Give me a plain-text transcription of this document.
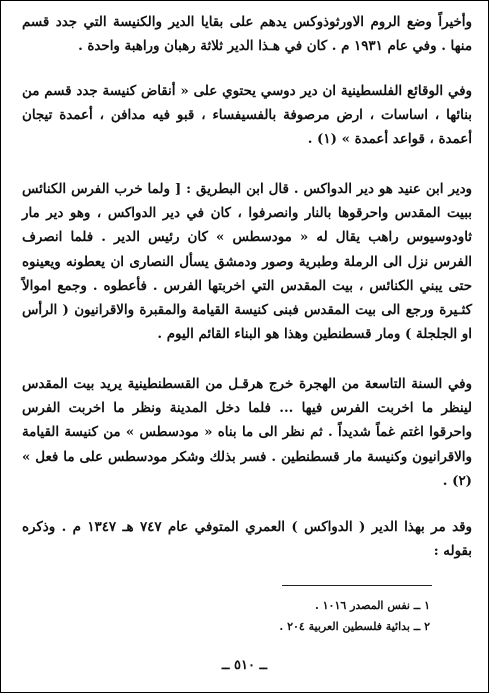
وأخيراً وضع الروم الاورثوذوكس يدهم على بقايا الدير والكنيسة التي جدد قسم منها . وفي عام ١٩٣١ م . كان في هـذا الدير ثلاثة رهبان وراهبة واحدة .

وفي الوقائع الفلسطينية ان دير دوسي يحتوي على « أنقاض كنيسة جدد قسم من بنائها ، اساسات ، ارض مرصوفة بالفسيفساء ، قبو فيه مدافن ، أعمدة تيجان أعمدة ، قواعد أعمدة » (١) .

ودير ابن عنيد هو دير الدواكس . قال ابن البطريق : [ ولما خرب الفرس الكنائس ببيت المقدس واحرقوها بالنار وانصرفوا ، كان في دير الدواكس ، وهو دير مار ثاودوسيوس راهب يقال له « مودسطس » كان رئيس الدير . فلما انصرف الفرس نزل الى الرملة وطبرية وصور ودمشق يسأل النصارى ان يعطونه ويعينوه حتى يبني الكنائس ، بيت المقدس التي اخربتها الفرس . فأعطوه . وجمع اموالاً كثـيرة ورجع الى بيت المقدس فبنى كنيسة القيامة والمقبرة والاقرانيون ( الرأس او الجلجلة ) ومار قسطنطين وهذا هو البناء القائم اليوم .

وفي السنة التاسعة من الهجرة خرج هرقـل من القسطنطينية يريد بيت المقدس لينظر ما اخربت الفرس فيها ... فلما دخل المدينة ونظر ما اخربت الفرس واحرقوا اغتم غماً شديداً . ثم نظر الى ما بناه « مودسطس » من كنيسة القيامة والاقرانيون وكنيسة مار قسطنطين . فسر بذلك وشكر مودسطس على ما فعل » (٢) .

وقد مر بهذا الدير ( الدواكس ) العمري المتوفي عام ٧٤٧ هـ ١٣٤٧ م . وذكره بقوله :

١ ــ نفس المصدر ١٠١٦ .
٢ ــ بدائية فلسطين العربية ٢٠٤ .
ــ ٥١٠ ــ
